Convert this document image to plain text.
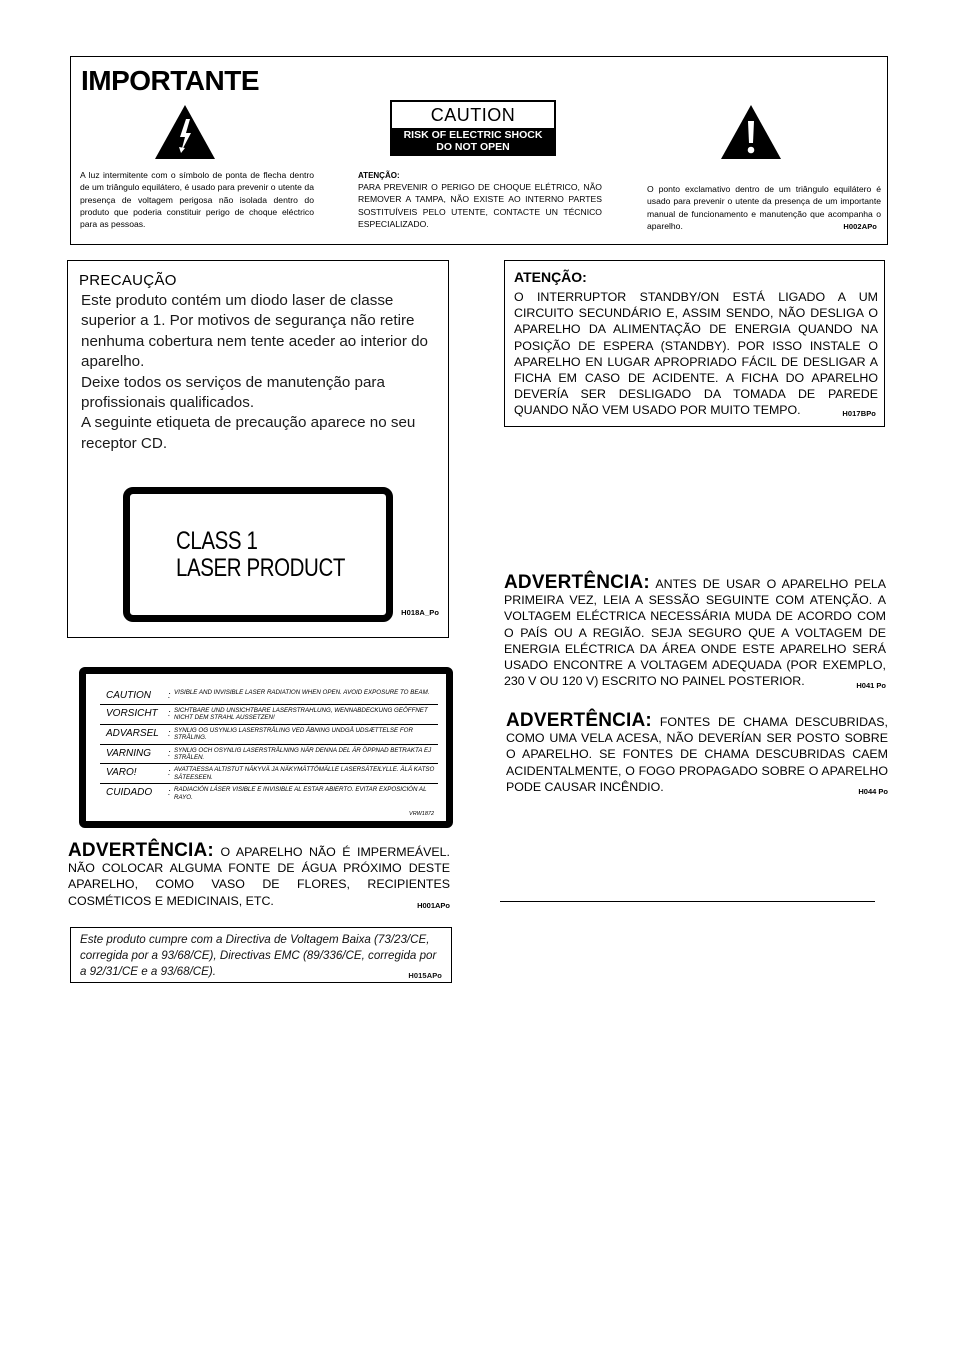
IMPORTANTE
CAUTION
RISK OF ELECTRIC SHOCK
DO NOT OPEN
A luz intermitente com o símbolo de ponta de flecha dentro de um triângulo equilátero, é usado para prevenir o utente da presença de voltagem perigosa não isolada dentro do produto que poderia constituir perigo de choque eléctrico para as pessoas.
ATENÇÃO:
PARA PREVENIR O PERIGO DE CHOQUE ELÉTRICO, NÃO REMOVER A TAMPA, NÃO EXISTE AO INTERNO PARTES SOSTITUÍVEIS PELO UTENTE, CONTACTE UN TÉCNICO ESPECIALIZADO.
O ponto exclamativo dentro de um triângulo equilátero é usado para prevenir o utente da presença de um importante manual de funcionamento e manutenção que acompanha o aparelho.	H002APo
PRECAUÇÃO

Este produto contém um diodo laser de classe superior a 1. Por motivos de segurança não retire nenhuma cobertura nem tente aceder ao interior do aparelho.

Deixe todos os serviços de manutenção para profissionais qualificados.

A seguinte etiqueta de precaução aparece no seu receptor CD.

CLASS 1
LASER PRODUCT
H018A_Po
ATENÇÃO:
O INTERRUPTOR STANDBY/ON ESTÁ LIGADO A UM CIRCUITO SECUNDÁRIO E, ASSIM SENDO, NÃO DESLIGA O APARELHO DA ALIMENTAÇÃO DE ENERGIA QUANDO NA POSIÇÃO DE ESPERA (STANDBY). POR ISSO INSTALE O APARELHO EN LUGAR APROPRIADO FÁCIL DE DESLIGAR A FICHA EM CASO DE ACIDENTE. A FICHA DO APARELHO DEVERÍA SER DESLIGADO DA TOMADA DE PAREDE QUANDO NÃO VEM USADO POR MUITO TEMPO.	H017BPo
CAUTION	:	VISIBLE AND INVISIBLE LASER RADIATION WHEN OPEN. AVOID EXPOSURE TO BEAM.
VORSICHT	:	SICHTBARE UND UNSICHTBARE LASERSTRAHLUNG, WENNABDECKUNG GEÖFFNET NICHT DEM STRAHL AUSSETZEN!
ADVARSEL	:	SYNLIG OG USYNLIG LASERSTRÅLING VED ÅBNING UNDGÅ UDSÆTTELSE FOR STRÅLING.
VARNING	:	SYNLIG OCH OSYNLIG LASERSTRÅLNING NÄR DENNA DEL ÄR ÖPPNAD BETRAKTA EJ STRÅLEN.
VARO!	:	AVATTAESSA ALTISTUT NÄKYVÄ JA NÄKYMÄTTÖMÄLLE LASERSÄTEILYLLE. ÄLÄ KATSO SÄTEESEEN.
CUIDADO	:	RADIACIÓN LÁSER VISIBLE E INVISIBLE AL ESTAR ABIERTO. EVITAR EXPOSICIÓN AL RAYO.
VRW1872
ADVERTÊNCIA: O APARELHO NÃO É IMPERMEÁVEL. NÃO COLOCAR ALGUMA FONTE DE ÁGUA PRÓXIMO DESTE APARELHO, COMO VASO DE FLORES, RECIPIENTES COSMÉTICOS E MEDICINAIS, ETC.	H001APo
Este produto cumpre com a Directiva de Voltagem Baixa (73/23/CE, corregida por a 93/68/CE), Directivas EMC (89/336/CE, corregida por a 92/31/CE e a 93/68/CE).	H015APo
ADVERTÊNCIA: ANTES DE USAR O APARELHO PELA PRIMEIRA VEZ, LEIA A SESSÃO SEGUINTE COM ATENÇÃO. A VOLTAGEM ELÉCTRICA NECESSÁRIA MUDA DE ACORDO COM O PAÍS OU A REGIÃO. SEJA SEGURO QUE A VOLTAGEM DE ENERGIA ELÉCTRICA DA ÁREA ONDE ESTE APARELHO SERÁ USADO ENCONTRE A VOLTAGEM ADEQUADA (POR EXEMPLO, 230 V OU 120 V) ESCRITO NO PAINEL POSTERIOR.	H041 Po
ADVERTÊNCIA: FONTES DE CHAMA DESCUBRIDAS, COMO UMA VELA ACESA, NÃO DEVERÍAN SER POSTO SOBRE O APARELHO. SE FONTES DE CHAMA DESCUBRIDAS CAEM ACIDENTALMENTE, O FOGO PROPAGADO SOBRE O APARELHO PODE CAUSAR INCÊNDIO.	H044 Po
